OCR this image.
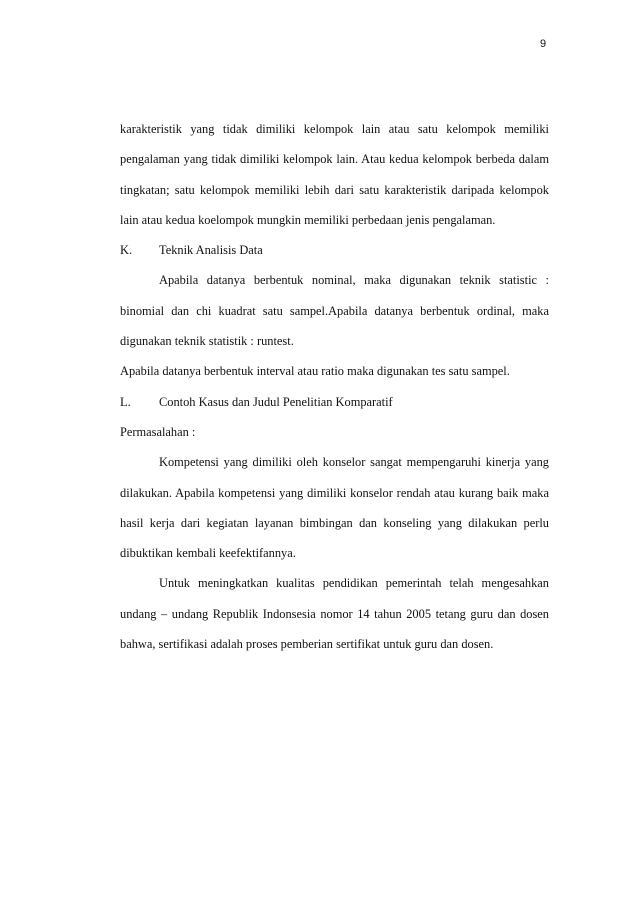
9

karakteristik yang tidak dimiliki kelompok lain atau satu kelompok memiliki pengalaman yang tidak dimiliki kelompok lain. Atau kedua kelompok berbeda dalam tingkatan; satu kelompok memiliki lebih dari satu karakteristik daripada kelompok lain atau kedua koelompok mungkin memiliki perbedaan jenis pengalaman.

K.	Teknik Analisis Data

Apabila datanya berbentuk nominal, maka digunakan teknik statistic : binomial dan chi kuadrat satu sampel.Apabila datanya berbentuk ordinal, maka digunakan teknik statistik : runtest.

Apabila datanya berbentuk interval atau ratio maka digunakan tes satu sampel.

L.	Contoh Kasus dan Judul Penelitian Komparatif

Permasalahan :

Kompetensi yang dimiliki oleh konselor sangat mempengaruhi kinerja yang dilakukan. Apabila kompetensi yang dimiliki konselor rendah atau kurang baik maka hasil kerja dari kegiatan layanan bimbingan dan konseling yang dilakukan perlu dibuktikan kembali keefektifannya.

Untuk meningkatkan kualitas pendidikan pemerintah telah mengesahkan undang – undang Republik Indonsesia nomor 14 tahun 2005 tetang guru dan dosen bahwa, sertifikasi adalah proses pemberian sertifikat untuk guru dan dosen.
